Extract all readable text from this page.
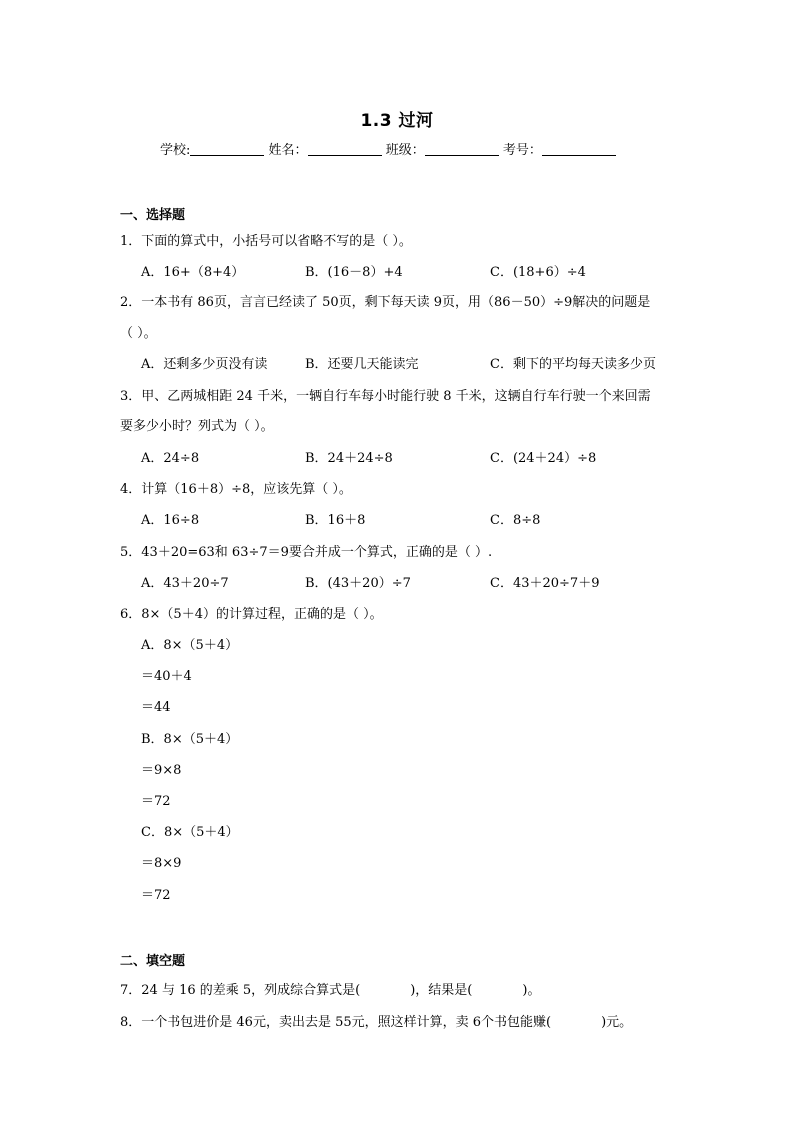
1.3 过河
学校:	姓名：	班级：	考号：
一、选择题
1．下面的算式中，小括号可以省略不写的是（ ）。
A．16+（8+4）	B．(16－8）+4	C．(18+6）÷4
2．一本书有 86页，言言已经读了 50页，剩下每天读 9页，用（86－50）÷9解决的问题是
（ ）。
A．还剩多少页没有读	B．还要几天能读完	C．剩下的平均每天读多少页
3．甲、乙两城相距 24 千米，一辆自行车每小时能行驶 8 千米，这辆自行车行驶一个来回需
要多少小时？列式为（ ）。
A．24÷8	B．24＋24÷8	C．(24＋24）÷8
4．计算（16＋8）÷8，应该先算（ ）。
A．16÷8	B．16＋8	C．8÷8
5．43＋20=63和 63÷7＝9要合并成一个算式，正确的是（ ）.
A．43＋20÷7	B．(43＋20）÷7	C．43＋20÷7＋9
6．8×（5＋4）的计算过程，正确的是（ ）。
A．8×（5＋4）
＝40＋4
＝44
B．8×（5＋4）
＝9×8
＝72
C．8×（5＋4）
＝8×9
＝72
二、填空题
7．24 与 16 的差乘 5，列成综合算式是(	)，结果是(	)。
8．一个书包进价是 46元，卖出去是 55元，照这样计算，卖 6个书包能赚(	)元。
